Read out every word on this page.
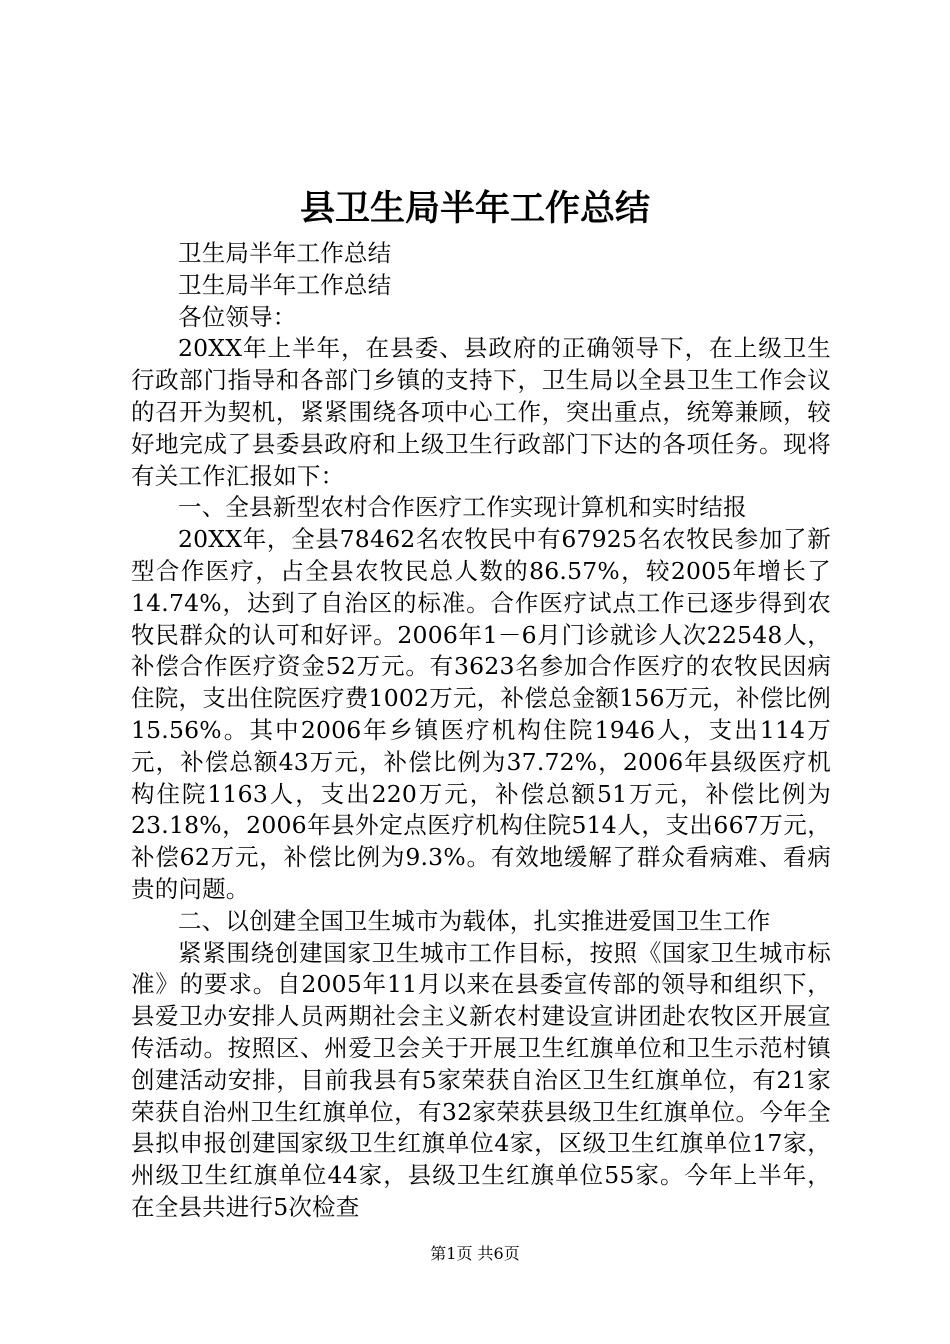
县卫生局半年工作总结

卫生局半年工作总结

卫生局半年工作总结

各位领导：

20XX年上半年，在县委、县政府的正确领导下，在上级卫生行政部门指导和各部门乡镇的支持下，卫生局以全县卫生工作会议的召开为契机，紧紧围绕各项中心工作，突出重点，统筹兼顾，较好地完成了县委县政府和上级卫生行政部门下达的各项任务。现将有关工作汇报如下：

一、全县新型农村合作医疗工作实现计算机和实时结报

20XX年，全县78462名农牧民中有67925名农牧民参加了新型合作医疗，占全县农牧民总人数的86.57%，较2005年增长了14.74%，达到了自治区的标准。合作医疗试点工作已逐步得到农牧民群众的认可和好评。2006年1－6月门诊就诊人次22548人，补偿合作医疗资金52万元。有3623名参加合作医疗的农牧民因病住院，支出住院医疗费1002万元，补偿总金额156万元，补偿比例15.56%。其中2006年乡镇医疗机构住院1946人，支出114万元，补偿总额43万元，补偿比例为37.72%，2006年县级医疗机构住院1163人，支出220万元，补偿总额51万元，补偿比例为23.18%，2006年县外定点医疗机构住院514人，支出667万元，补偿62万元，补偿比例为9.3%。有效地缓解了群众看病难、看病贵的问题。

二、以创建全国卫生城市为载体，扎实推进爱国卫生工作

紧紧围绕创建国家卫生城市工作目标，按照《国家卫生城市标准》的要求。自2005年11月以来在县委宣传部的领导和组织下，县爱卫办安排人员两期社会主义新农村建设宣讲团赴农牧区开展宣传活动。按照区、州爱卫会关于开展卫生红旗单位和卫生示范村镇创建活动安排，目前我县有5家荣获自治区卫生红旗单位，有21家荣获自治州卫生红旗单位，有32家荣获县级卫生红旗单位。今年全县拟申报创建国家级卫生红旗单位4家，区级卫生红旗单位17家，州级卫生红旗单位44家，县级卫生红旗单位55家。今年上半年，在全县共进行5次检查

第1页 共6页
